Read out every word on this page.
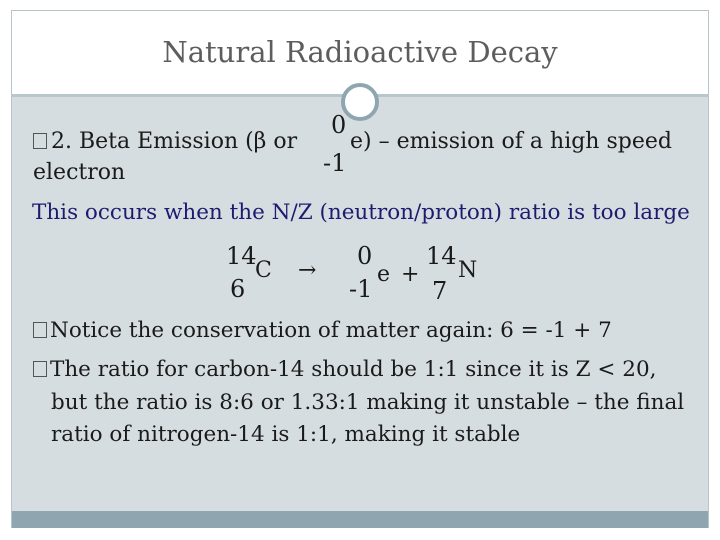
Natural Radioactive Decay
2. Beta Emission (β or
0
-1
e) – emission of a high speed
electron
This occurs when the N/Z (neutron/proton) ratio is too large
14
6
C →
0
-1
e +
14
7
N
Notice the conservation of matter again: 6 = -1 + 7
The ratio for carbon-14 should be 1:1 since it is Z < 20,
but the ratio is 8:6 or 1.33:1 making it unstable – the final
ratio of nitrogen-14 is 1:1, making it stable
